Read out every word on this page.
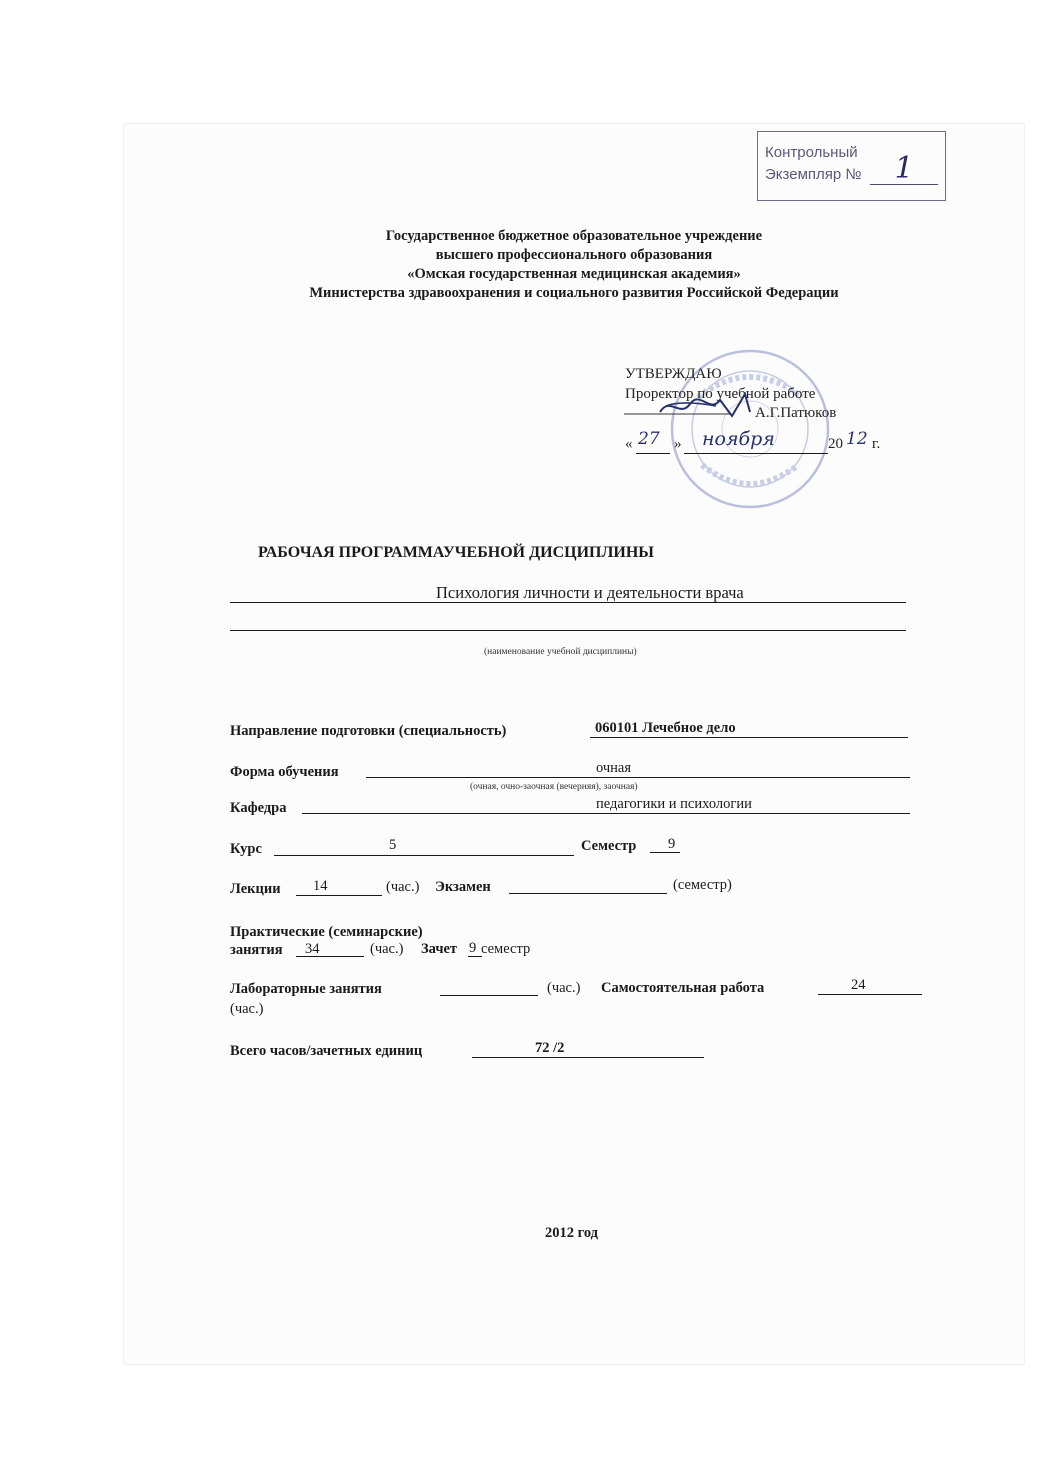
Контрольный
Экземпляр №	1
Государственное бюджетное образовательное учреждение
высшего профессионального образования
«Омская государственная медицинская академия»
Министерства здравоохранения и социального развития Российской Федерации
УТВЕРЖДАЮ
Проректор по учебной работе
А.Г.Патюков
« 27 » ноября	20 12 г.
РАБОЧАЯ ПРОГРАММАУЧЕБНОЙ ДИСЦИПЛИНЫ
Психология личности и деятельности врача
(наименование учебной дисциплины)
Направление подготовки (специальность)	060101 Лечебное дело
Форма обучения	очная
(очная, очно-заочная (вечерняя), заочная)
Кафедра	педагогики и психологии
Курс	5	Семестр 9
Лекции 14	(час.) Экзамен	(семестр)
Практические (семинарские)
занятия 34	(час.) Зачет 9 семестр
Лабораторные занятия	(час.) Самостоятельная работа	24
(час.)
Всего часов/зачетных единиц	72 /2
2012 год
